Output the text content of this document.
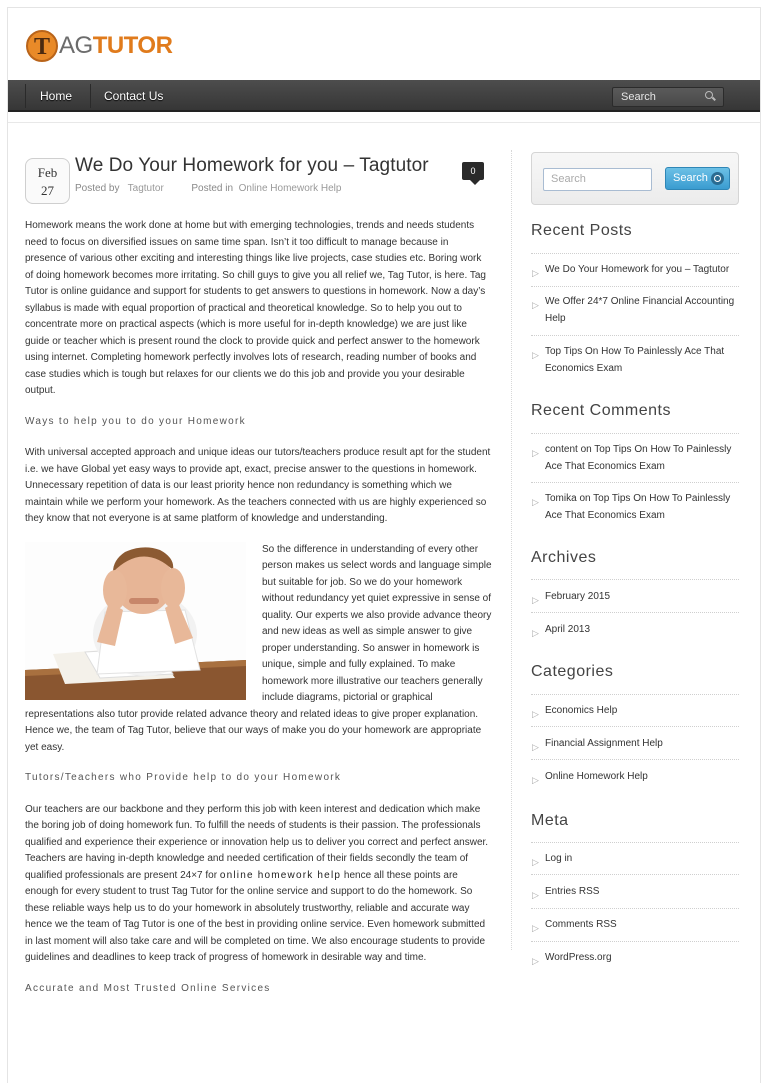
T AGTUTOR
Home	Contact Us	Search
Feb
27
We Do Your Homework for you – Tagtutor
Posted by Tagtutor	Posted in Online Homework Help
0

Homework means the work done at home but with emerging technologies, trends and needs students need to focus on diversified issues on same time span. Isn’t it too difficult to manage because in presence of various other exciting and interesting things like live projects, case studies etc. Boring work of doing homework becomes more irritating. So chill guys to give you all relief we, Tag Tutor, is here. Tag Tutor is online guidance and support for students to get answers to questions in homework. Now a day’s syllabus is made with equal proportion of practical and theoretical knowledge. So to help you out to concentrate more on practical aspects (which is more useful for in-depth knowledge) we are just like guide or teacher which is present round the clock to provide quick and perfect answer to the homework using internet. Completing homework perfectly involves lots of research, reading number of books and case studies which is tough but relaxes for our clients we do this job and provide you your desirable output.

Ways to help you to do your Homework

With universal accepted approach and unique ideas our tutors/teachers produce result apt for the student i.e. we have Global yet easy ways to provide apt, exact, precise answer to the questions in homework. Unnecessary repetition of data is our least priority hence non redundancy is something which we maintain while we perform your homework. As the teachers connected with us are highly experienced so they know that not everyone is at same platform of knowledge and understanding.

So the difference in understanding of every other person makes us select words and language simple but suitable for job. So we do your homework without redundancy yet quiet expressive in sense of quality. Our experts we also provide advance theory and new ideas as well as simple answer to give proper understanding. So answer in homework is unique, simple and fully explained. To make homework more illustrative our teachers generally include diagrams, pictorial or graphical representations also tutor provide related advance theory and related ideas to give proper explanation. Hence we, the team of Tag Tutor, believe that our ways of make you do your homework are appropriate yet easy.

Tutors/Teachers who Provide help to do your Homework

Our teachers are our backbone and they perform this job with keen interest and dedication which make the boring job of doing homework fun. To fulfill the needs of students is their passion. The professionals qualified and experience their experience or innovation help us to deliver you correct and perfect answer. Teachers are having in-depth knowledge and needed certification of their fields secondly the team of qualified professionals are present 24×7 for online homework help hence all these points are enough for every student to trust Tag Tutor for the online service and support to do the homework. So these reliable ways help us to do your homework in absolutely trustworthy, reliable and accurate way hence we the team of Tag Tutor is one of the best in providing online service. Even homework submitted in last moment will also take care and will be completed on time. We also encourage students to provide guidelines and deadlines to keep track of progress of homework in desirable way and time.

Accurate and Most Trusted Online Services
Search	Search
Recent Posts
▷ We Do Your Homework for you – Tagtutor
▷ We Offer 24*7 Online Financial Accounting Help
▷ Top Tips On How To Painlessly Ace That Economics Exam
Recent Comments
▷ content on Top Tips On How To Painlessly Ace That Economics Exam
▷ Tomika on Top Tips On How To Painlessly Ace That Economics Exam
Archives
▷ February 2015
▷ April 2013
Categories
▷ Economics Help
▷ Financial Assignment Help
▷ Online Homework Help
Meta
▷ Log in
▷ Entries RSS
▷ Comments RSS
▷ WordPress.org
